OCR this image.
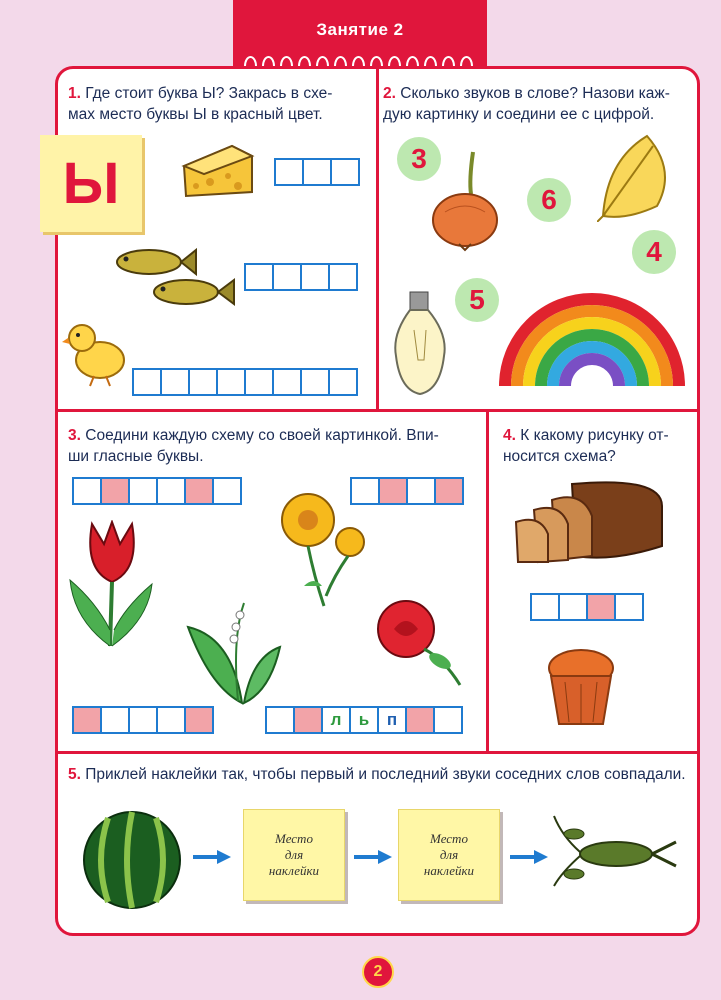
Занятие 2
1. Где стоит буква Ы? Закрась в схе-
мах место буквы Ы в красный цвет.
Ы
2. Сколько звуков в слове? Назови каж-
дую картинку и соедини ее с цифрой.
3
6
4
5
3. Соедини каждую схему со своей картинкой. Впи-
ши гласные буквы.
л	ь	п
4. К какому рисунку от-
носится схема?
5. Приклей наклейки так, чтобы первый и последний звуки соседних слов совпадали.
Место
для
наклейки
Место
для
наклейки
2
